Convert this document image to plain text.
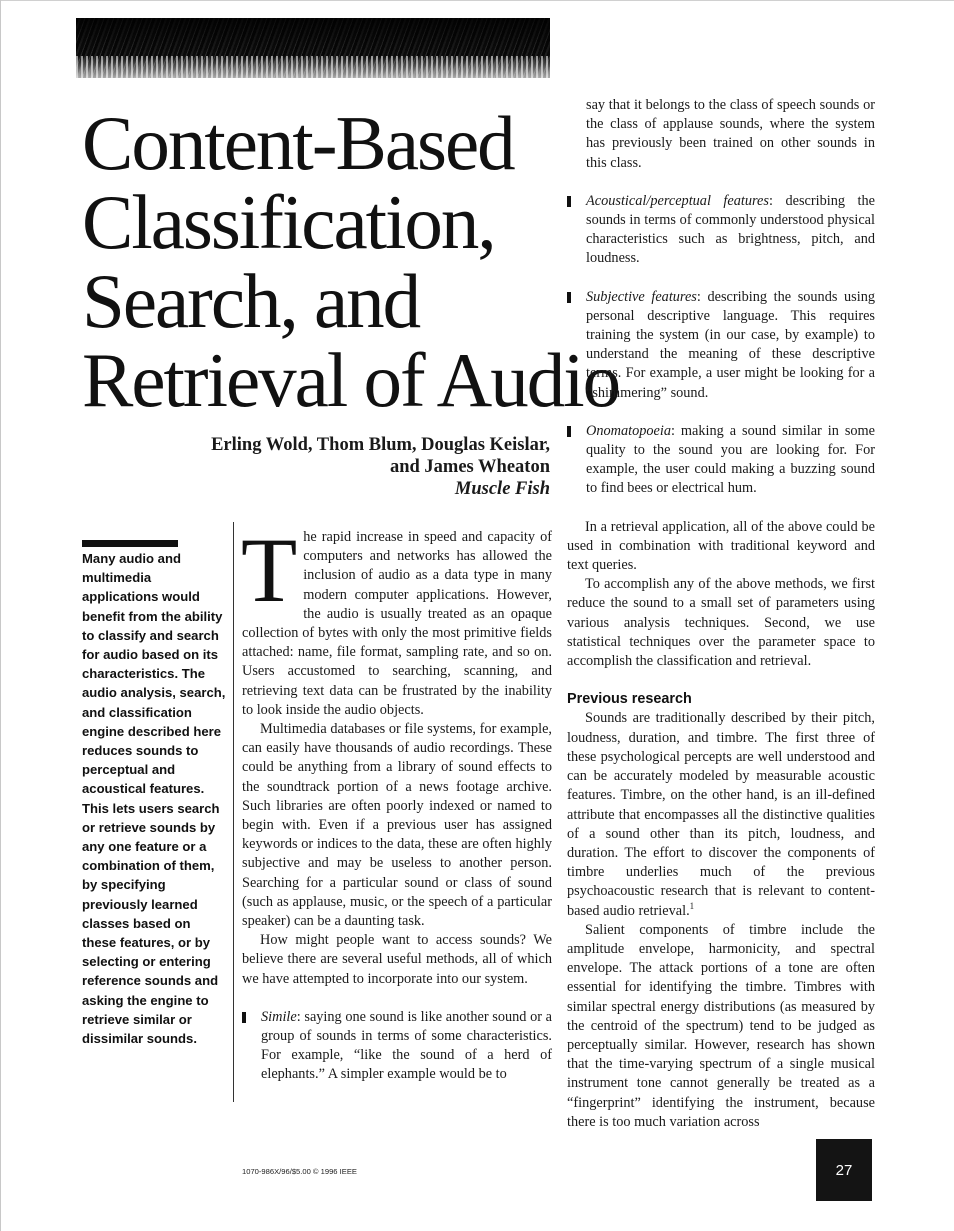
Content-Based
Classification,
Search, and
Retrieval of Audio
Erling Wold, Thom Blum, Douglas Keislar,
and James Wheaton
Muscle Fish

Many audio and multimedia applications would benefit from the ability to classify and search for audio based on its characteristics. The audio analysis, search, and classification engine described here reduces sounds to perceptual and acoustical features. This lets users search or retrieve sounds by any one feature or a combination of them, by specifying previously learned classes based on these features, or by selecting or entering reference sounds and asking the engine to retrieve similar or dissimilar sounds.

The rapid increase in speed and capacity of computers and networks has allowed the inclusion of audio as a data type in many modern computer applications. However, the audio is usually treated as an opaque collection of bytes with only the most primitive fields attached: name, file format, sampling rate, and so on. Users accustomed to searching, scanning, and retrieving text data can be frustrated by the inability to look inside the audio objects.

Multimedia databases or file systems, for example, can easily have thousands of audio recordings. These could be anything from a library of sound effects to the soundtrack portion of a news footage archive. Such libraries are often poorly indexed or named to begin with. Even if a previous user has assigned keywords or indices to the data, these are often highly subjective and may be useless to another person. Searching for a particular sound or class of sound (such as applause, music, or the speech of a particular speaker) can be a daunting task.

How might people want to access sounds? We believe there are several useful methods, all of which we have attempted to incorporate into our system.

Simile: saying one sound is like another sound or a group of sounds in terms of some characteristics. For example, “like the sound of a herd of elephants.” A simpler example would be to

say that it belongs to the class of speech sounds or the class of applause sounds, where the system has previously been trained on other sounds in this class.

Acoustical/perceptual features: describing the sounds in terms of commonly understood physical characteristics such as brightness, pitch, and loudness.

Subjective features: describing the sounds using personal descriptive language. This requires training the system (in our case, by example) to understand the meaning of these descriptive terms. For example, a user might be looking for a “shimmering” sound.

Onomatopoeia: making a sound similar in some quality to the sound you are looking for. For example, the user could making a buzzing sound to find bees or electrical hum.

In a retrieval application, all of the above could be used in combination with traditional keyword and text queries.

To accomplish any of the above methods, we first reduce the sound to a small set of parameters using various analysis techniques. Second, we use statistical techniques over the parameter space to accomplish the classification and retrieval.

Previous research

Sounds are traditionally described by their pitch, loudness, duration, and timbre. The first three of these psychological percepts are well understood and can be accurately modeled by measurable acoustic features. Timbre, on the other hand, is an ill-defined attribute that encompasses all the distinctive qualities of a sound other than its pitch, loudness, and duration. The effort to discover the components of timbre underlies much of the previous psychoacoustic research that is relevant to content-based audio retrieval.$^1$

Salient components of timbre include the amplitude envelope, harmonicity, and spectral envelope. The attack portions of a tone are often essential for identifying the timbre. Timbres with similar spectral energy distributions (as measured by the centroid of the spectrum) tend to be judged as perceptually similar. However, research has shown that the time-varying spectrum of a single musical instrument tone cannot generally be treated as a “fingerprint” identifying the instrument, because there is too much variation across

1070-986X/96/$5.00 © 1996 IEEE	27
